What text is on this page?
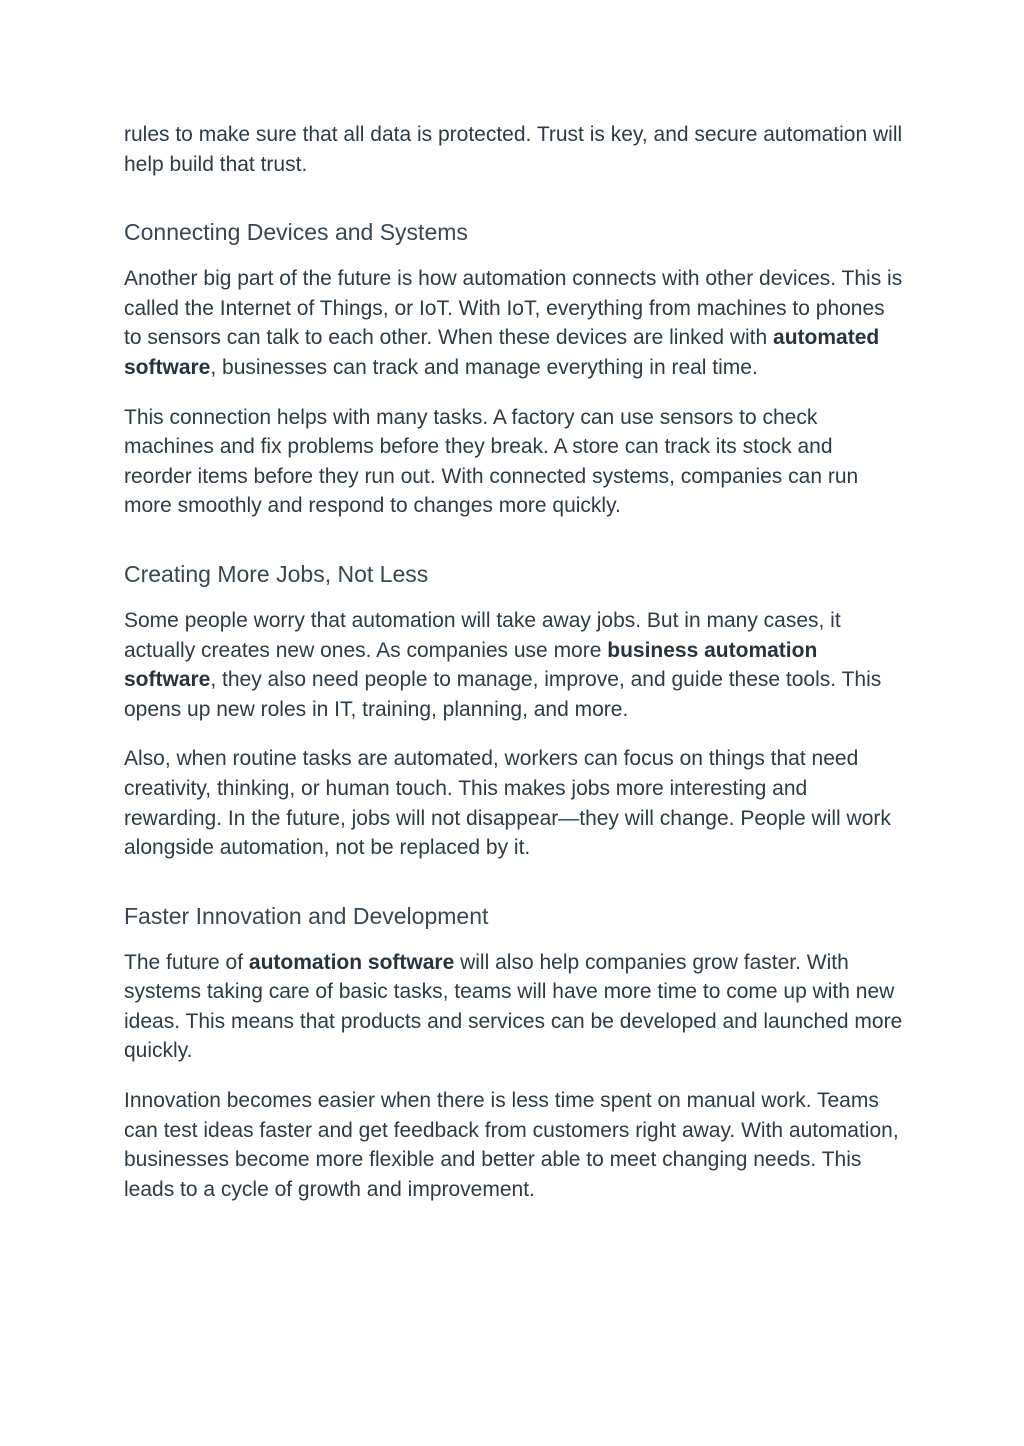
rules to make sure that all data is protected. Trust is key, and secure automation will help build that trust.

Connecting Devices and Systems

Another big part of the future is how automation connects with other devices. This is called the Internet of Things, or IoT. With IoT, everything from machines to phones to sensors can talk to each other. When these devices are linked with automated software, businesses can track and manage everything in real time.

This connection helps with many tasks. A factory can use sensors to check machines and fix problems before they break. A store can track its stock and reorder items before they run out. With connected systems, companies can run more smoothly and respond to changes more quickly.

Creating More Jobs, Not Less

Some people worry that automation will take away jobs. But in many cases, it actually creates new ones. As companies use more business automation software, they also need people to manage, improve, and guide these tools. This opens up new roles in IT, training, planning, and more.

Also, when routine tasks are automated, workers can focus on things that need creativity, thinking, or human touch. This makes jobs more interesting and rewarding. In the future, jobs will not disappear—they will change. People will work alongside automation, not be replaced by it.

Faster Innovation and Development

The future of automation software will also help companies grow faster. With systems taking care of basic tasks, teams will have more time to come up with new ideas. This means that products and services can be developed and launched more quickly.

Innovation becomes easier when there is less time spent on manual work. Teams can test ideas faster and get feedback from customers right away. With automation, businesses become more flexible and better able to meet changing needs. This leads to a cycle of growth and improvement.
